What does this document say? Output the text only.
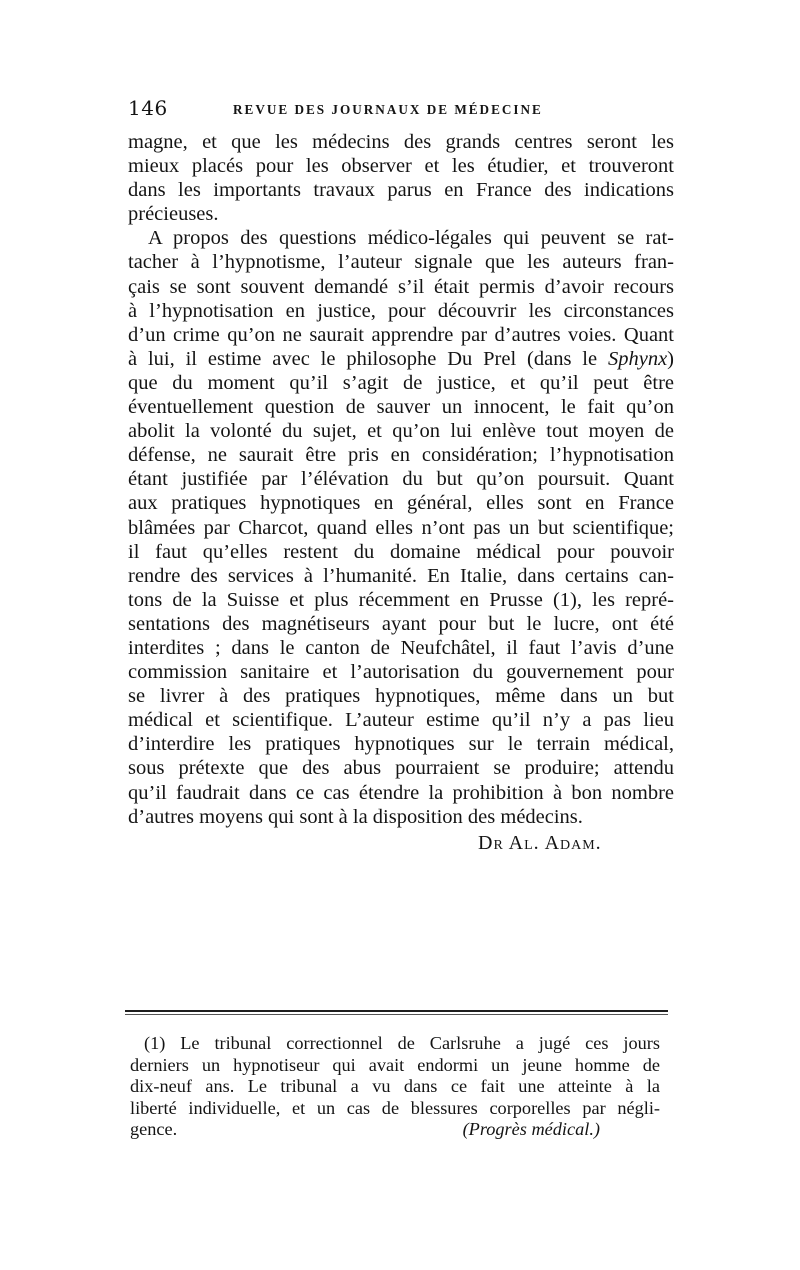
146	REVUE DES JOURNAUX DE MÉDECINE
magne, et que les médecins des grands centres seront les
mieux placés pour les observer et les étudier, et trouveront
dans les importants travaux parus en France des indications
précieuses.
A propos des questions médico-légales qui peuvent se rat-
tacher à l’hypnotisme, l’auteur signale que les auteurs fran-
çais se sont souvent demandé s’il était permis d’avoir recours
à l’hypnotisation en justice, pour découvrir les circonstances
d’un crime qu’on ne saurait apprendre par d’autres voies. Quant
à lui, il estime avec le philosophe Du Prel (dans le Sphynx)
que du moment qu’il s’agit de justice, et qu’il peut être
éventuellement question de sauver un innocent, le fait qu’on
abolit la volonté du sujet, et qu’on lui enlève tout moyen de
défense, ne saurait être pris en considération; l’hypnotisation
étant justifiée par l’élévation du but qu’on poursuit. Quant
aux pratiques hypnotiques en général, elles sont en France
blâmées par Charcot, quand elles n’ont pas un but scientifique;
il faut qu’elles restent du domaine médical pour pouvoir
rendre des services à l’humanité. En Italie, dans certains can-
tons de la Suisse et plus récemment en Prusse (1), les repré-
sentations des magnétiseurs ayant pour but le lucre, ont été
interdites ; dans le canton de Neufchâtel, il faut l’avis d’une
commission sanitaire et l’autorisation du gouvernement pour
se livrer à des pratiques hypnotiques, même dans un but
médical et scientifique. L’auteur estime qu’il n’y a pas lieu
d’interdire les pratiques hypnotiques sur le terrain médical,
sous prétexte que des abus pourraient se produire; attendu
qu’il faudrait dans ce cas étendre la prohibition à bon nombre
d’autres moyens qui sont à la disposition des médecins.
Dr Al. Adam.
(1) Le tribunal correctionnel de Carlsruhe a jugé ces jours
derniers un hypnotiseur qui avait endormi un jeune homme de
dix-neuf ans. Le tribunal a vu dans ce fait une atteinte à la
liberté individuelle, et un cas de blessures corporelles par négli-
gence.	(Progrès médical.)
